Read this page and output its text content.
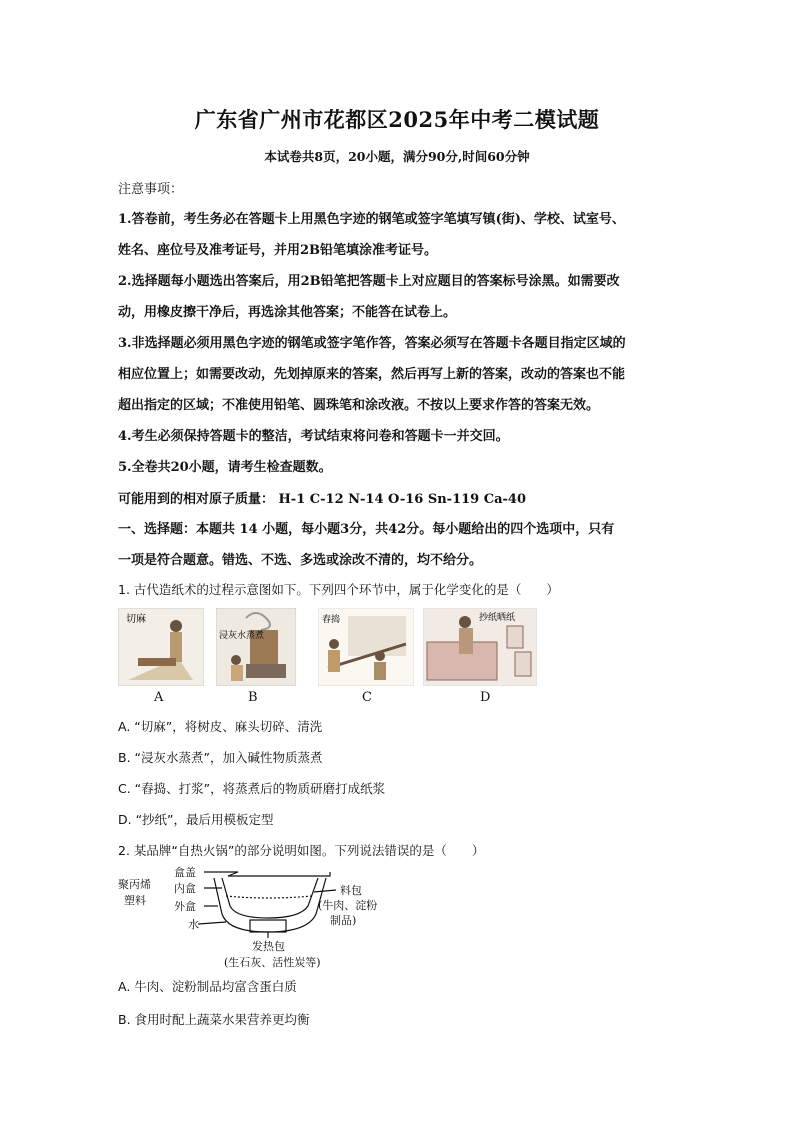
广东省广州市花都区2025年中考二模试题
本试卷共8页，20小题，满分90分,时间60分钟
注意事项：
1.答卷前，考生务必在答题卡上用黑色字迹的钢笔或签字笔填写镇(街)、学校、试室号、
姓名、座位号及准考证号，并用2B铅笔填涂准考证号。
2.选择题每小题选出答案后，用2B铅笔把答题卡上对应题目的答案标号涂黑。如需要改
动，用橡皮擦干净后，再选涂其他答案；不能答在试卷上。
3.非选择题必须用黑色字迹的钢笔或签字笔作答，答案必须写在答题卡各题目指定区域的
相应位置上；如需要改动，先划掉原来的答案，然后再写上新的答案，改动的答案也不能
超出指定的区域；不准使用铅笔、圆珠笔和涂改液。不按以上要求作答的答案无效。
4.考生必须保持答题卡的整洁，考试结束将问卷和答题卡一并交回。
5.全卷共20小题，请考生检查题数。
可能用到的相对原子质量： H-1 C-12 N-14 O-16 Sn-119 Ca-40
一、选择题：本题共 14 小题，每小题3分，共42分。每小题给出的四个选项中，只有
一项是符合题意。错选、不选、多选或涂改不清的，均不给分。
1. 古代造纸术的过程示意图如下。下列四个环节中，属于化学变化的是（　　）
切麻
浸灰水蒸煮
舂捣	抄纸晒纸
A	B	C	D
A. “切麻”，将树皮、麻头切碎、清洗
B. “浸灰水蒸煮”，加入碱性物质蒸煮
C. “舂捣、打浆”，将蒸煮后的物质研磨打成纸浆
D. “抄纸”，最后用模板定型
2. 某品牌“自热火锅”的部分说明如图。下列说法错误的是（　　）
聚丙烯
塑料
盒盖
内盒
外盒
水
料包
(牛肉、淀粉
制品)
发热包
(生石灰、活性炭等)
A. 牛肉、淀粉制品均富含蛋白质
B. 食用时配上蔬菜水果营养更均衡
